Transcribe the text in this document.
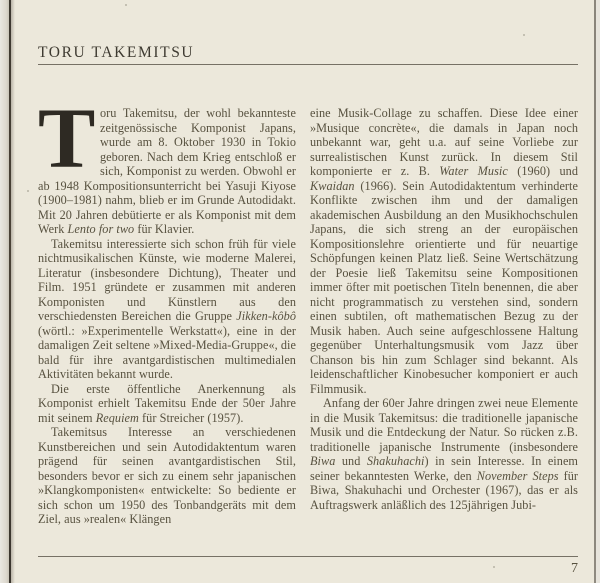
TORU TAKEMITSU

Toru Takemitsu, der wohl bekannteste zeitgenössische Komponist Japans, wurde am 8. Oktober 1930 in Tokio geboren. Nach dem Krieg entschloß er sich, Komponist zu werden. Obwohl er ab 1948 Kompositionsunterricht bei Yasuji Kiyose (1900–1981) nahm, blieb er im Grunde Autodidakt. Mit 20 Jahren debütierte er als Komponist mit dem Werk Lento for two für Klavier.

Takemitsu interessierte sich schon früh für viele nichtmusikalischen Künste, wie moderne Malerei, Literatur (insbesondere Dichtung), Theater und Film. 1951 gründete er zusammen mit anderen Komponisten und Künstlern aus den verschiedensten Bereichen die Gruppe Jikken-kôbô (wörtl.: »Experimentelle Werkstatt«), eine in der damaligen Zeit seltene »Mixed-Media-Gruppe«, die bald für ihre avantgardistischen multimedialen Aktivitäten bekannt wurde.

Die erste öffentliche Anerkennung als Komponist erhielt Takemitsu Ende der 50er Jahre mit seinem Requiem für Streicher (1957).

Takemitsus Interesse an verschiedenen Kunstbereichen und sein Autodidaktentum waren prägend für seinen avantgardistischen Stil, besonders bevor er sich zu einem sehr japanischen »Klangkomponisten« entwickelte: So bediente er sich schon um 1950 des Tonbandgeräts mit dem Ziel, aus »realen« Klängen

eine Musik-Collage zu schaffen. Diese Idee einer »Musique concrète«, die damals in Japan noch unbekannt war, geht u.a. auf seine Vorliebe zur surrealistischen Kunst zurück. In diesem Stil komponierte er z. B. Water Music (1960) und Kwaidan (1966). Sein Autodidaktentum verhinderte Konflikte zwischen ihm und der damaligen akademischen Ausbildung an den Musikhochschulen Japans, die sich streng an der europäischen Kompositionslehre orientierte und für neuartige Schöpfungen keinen Platz ließ. Seine Wertschätzung der Poesie ließ Takemitsu seine Kompositionen immer öfter mit poetischen Titeln benennen, die aber nicht programmatisch zu verstehen sind, sondern einen subtilen, oft mathematischen Bezug zu der Musik haben. Auch seine aufgeschlossene Haltung gegenüber Unterhaltungsmusik vom Jazz über Chanson bis hin zum Schlager sind bekannt. Als leidenschaftlicher Kinobesucher komponiert er auch Filmmusik.

Anfang der 60er Jahre dringen zwei neue Elemente in die Musik Takemitsus: die traditionelle japanische Musik und die Entdeckung der Natur. So rücken z.B. traditionelle japanische Instrumente (insbesondere Biwa und Shakuhachi) in sein Interesse. In einem seiner bekanntesten Werke, den November Steps für Biwa, Shakuhachi und Orchester (1967), das er als Auftragswerk anläßlich des 125jährigen Jubi-

7
